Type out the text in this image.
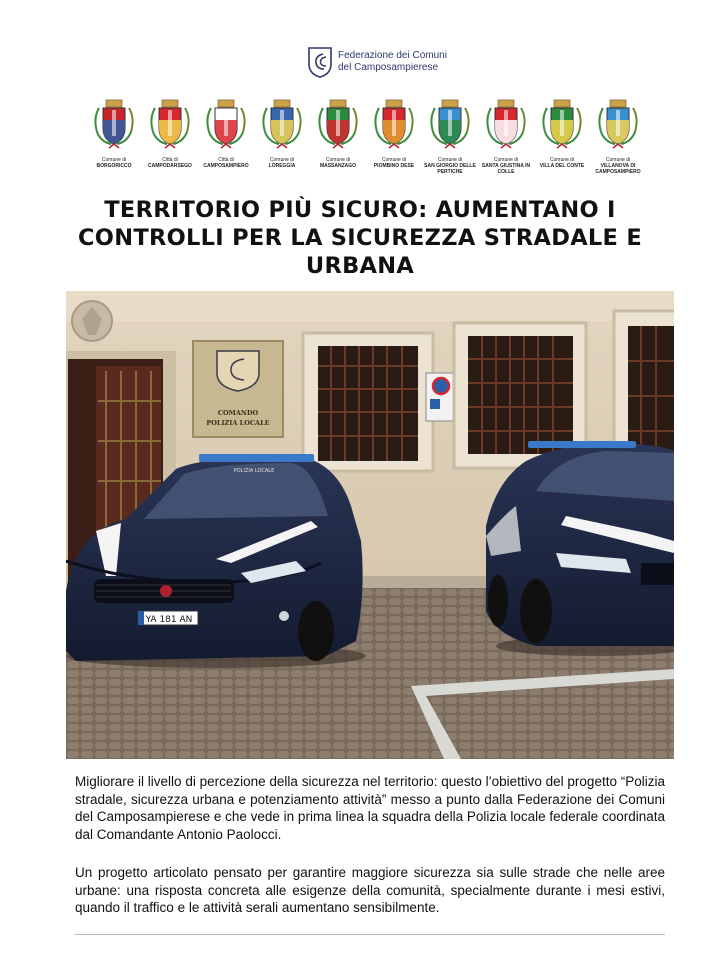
Federazione dei Comuni
del Camposampierese
Comune di
BORGORICCO
Città di
CAMPODARSEGO
Città di
CAMPOSAMPIERO
Comune di
LOREGGIA
Comune di
MASSANZAGO
Comune di
PIOMBINO DESE
Comune di
SAN GIORGIO DELLE PERTICHE
Comune di
SANTA GIUSTINA IN COLLE
Comune di
VILLA DEL CONTE
Comune di
VILLANOVA DI CAMPOSAMPIERO
TERRITORIO PIÙ SICURO: AUMENTANO I
CONTROLLI PER LA SICUREZZA STRADALE E
URBANA
COMANDO
POLIZIA LOCALE
POLIZIA LOCALE
YA 181 AN

Migliorare il livello di percezione della sicurezza nel territorio: questo l’obiettivo del progetto “Polizia stradale, sicurezza urbana e potenziamento attività” messo a punto dalla Federazione dei Comuni del Camposampierese e che vede in prima linea la squadra della Polizia locale federale coordinata dal Comandante Antonio Paolocci.

Un progetto articolato pensato per garantire maggiore sicurezza sia sulle strade che nelle aree urbane: una risposta concreta alle esigenze della comunità, specialmente durante i mesi estivi, quando il traffico e le attività serali aumentano sensibilmente.
